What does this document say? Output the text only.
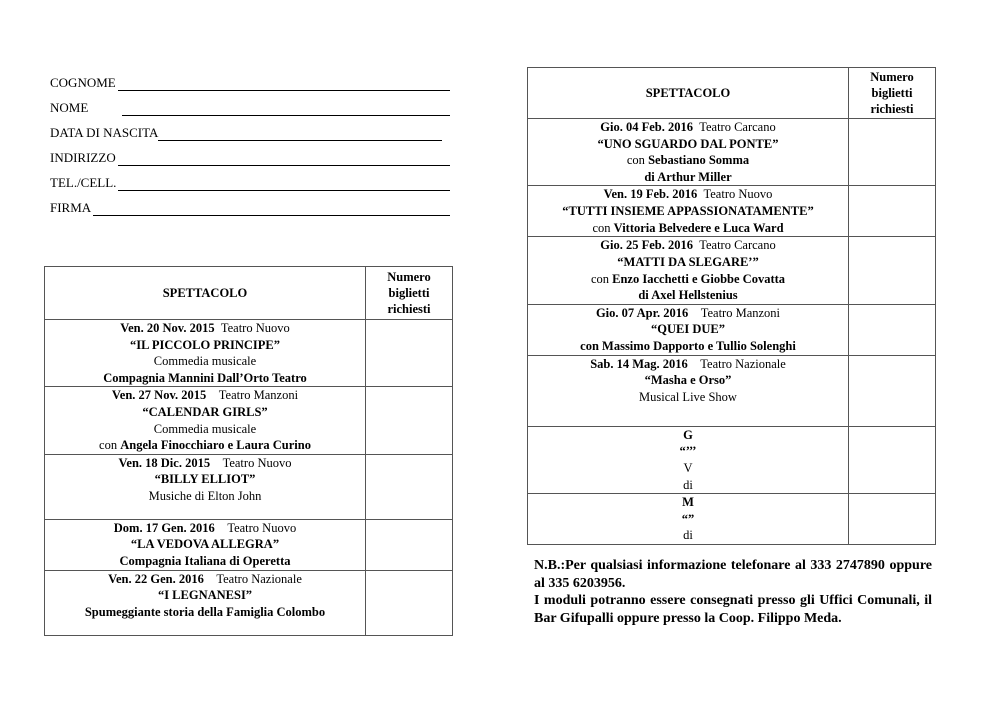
COGNOME
NOME
DATA DI NASCITA
INDIRIZZO
TEL./CELL.
FIRMA
SPETTACOLO	Numero
biglietti
richiesti

Ven. 20 Nov. 2015 Teatro Nuovo
“IL PICCOLO PRINCIPE”
Commedia musicale
Compagnia Mannini Dall’Orto Teatro	

Ven. 27 Nov. 2015 Teatro Manzoni
“CALENDAR GIRLS”
Commedia musicale
con Angela Finocchiaro e Laura Curino	

Ven. 18 Dic. 2015 Teatro Nuovo
“BILLY ELLIOT”
Musiche di Elton John	

Dom. 17 Gen. 2016 Teatro Nuovo
“LA VEDOVA ALLEGRA”
Compagnia Italiana di Operetta	

Ven. 22 Gen. 2016 Teatro Nazionale
“I LEGNANESI”
Spumeggiante storia della Famiglia Colombo	

SPETTACOLO	Numero
biglietti
richiesti

Gio. 04 Feb. 2016 Teatro Carcano
“UNO SGUARDO DAL PONTE”
con Sebastiano Somma
di Arthur Miller	

Ven. 19 Feb. 2016 Teatro Nuovo
“TUTTI INSIEME APPASSIONATAMENTE”
con Vittoria Belvedere e Luca Ward	

Gio. 25 Feb. 2016 Teatro Carcano
“MATTI DA SLEGARE’”
con Enzo Iacchetti e Giobbe Covatta
di Axel Hellstenius	

Gio. 07 Apr. 2016 Teatro Manzoni
“QUEI DUE”
con Massimo Dapporto e Tullio Solenghi	

Sab. 14 Mag. 2016 Teatro Nazionale
“Masha e Orso”
Musical Live Show	

G
“’’’
V
di	

M
“”
di	

N.B.:Per qualsiasi informazione telefonare al 333 2747890 oppure al 335 6203956.

I moduli potranno essere consegnati presso gli Uffici Comunali, il Bar Gifupalli oppure presso la Coop. Filippo Meda.
